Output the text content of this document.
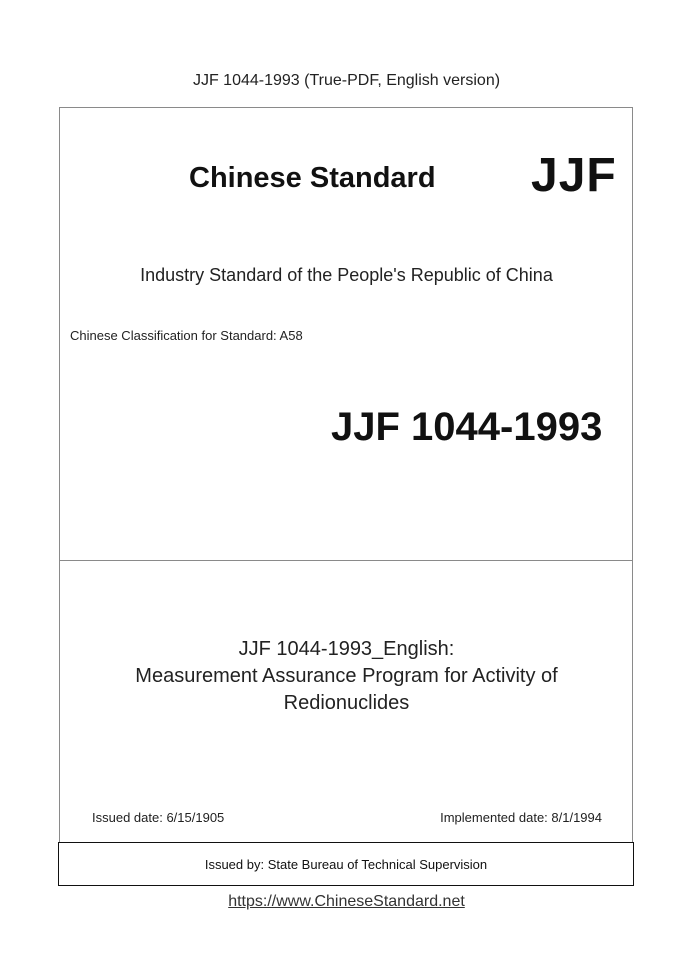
JJF 1044-1993 (True-PDF, English version)
Chinese Standard JJF
Industry Standard of the People's Republic of China
Chinese Classification for Standard: A58
JJF 1044-1993
JJF 1044-1993_English:
Measurement Assurance Program for Activity of
Redionuclides
Issued date: 6/15/1905	Implemented date: 8/1/1994
Issued by: State Bureau of Technical Supervision
https://www.ChineseStandard.net
